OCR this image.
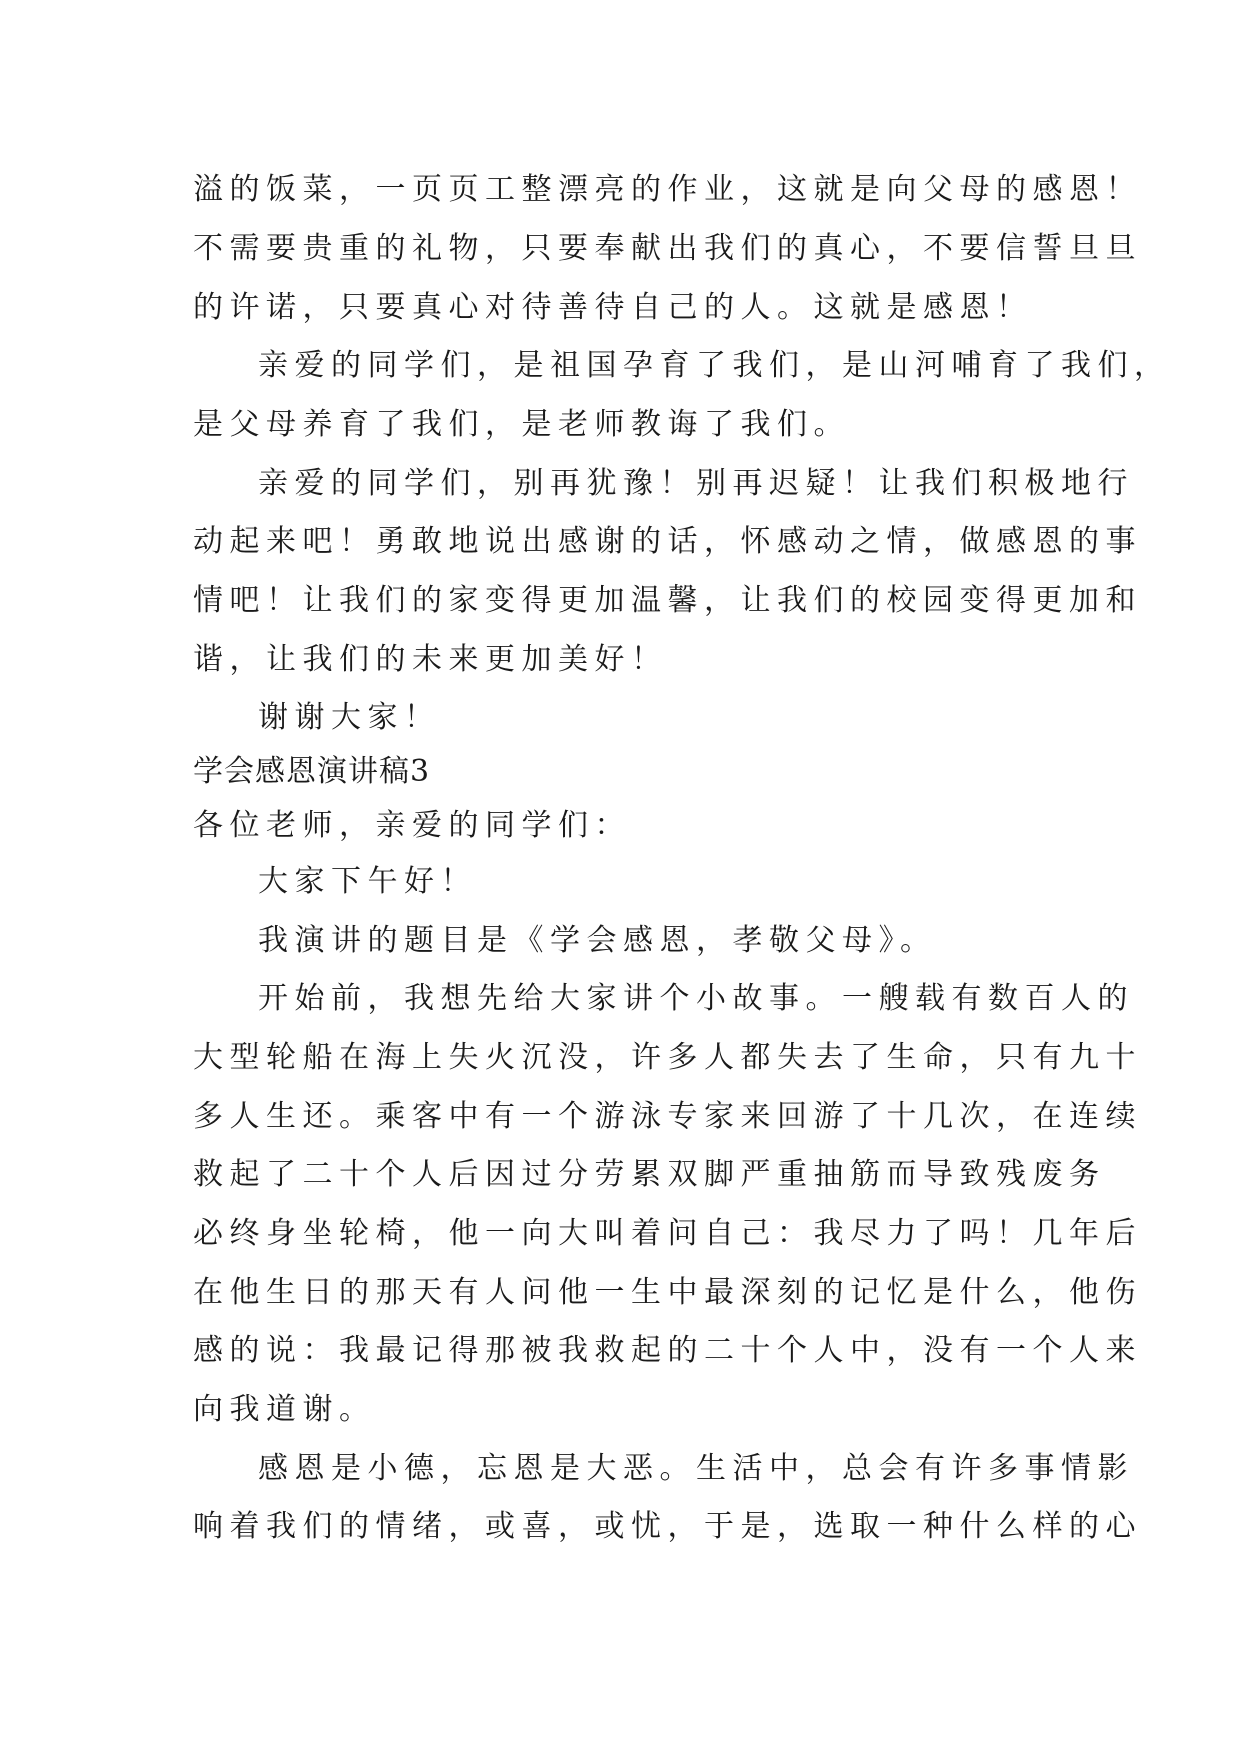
溢的饭菜，一页页工整漂亮的作业，这就是向父母的感恩！
不需要贵重的礼物，只要奉献出我们的真心，不要信誓旦旦
的许诺，只要真心对待善待自己的人。这就是感恩！
亲爱的同学们，是祖国孕育了我们，是山河哺育了我们，
是父母养育了我们，是老师教诲了我们。
亲爱的同学们，别再犹豫！别再迟疑！让我们积极地行
动起来吧！勇敢地说出感谢的话，怀感动之情，做感恩的事
情吧！让我们的家变得更加温馨，让我们的校园变得更加和
谐，让我们的未来更加美好！
谢谢大家！
学会感恩演讲稿3
各位老师，亲爱的同学们：
大家下午好！
我演讲的题目是《学会感恩，孝敬父母》。
开始前，我想先给大家讲个小故事。一艘载有数百人的
大型轮船在海上失火沉没，许多人都失去了生命，只有九十
多人生还。乘客中有一个游泳专家来回游了十几次，在连续
救起了二十个人后因过分劳累双脚严重抽筋而导致残废务
必终身坐轮椅，他一向大叫着问自己：我尽力了吗！几年后
在他生日的那天有人问他一生中最深刻的记忆是什么，他伤
感的说：我最记得那被我救起的二十个人中，没有一个人来
向我道谢。
感恩是小德，忘恩是大恶。生活中，总会有许多事情影
响着我们的情绪，或喜，或忧，于是，选取一种什么样的心
